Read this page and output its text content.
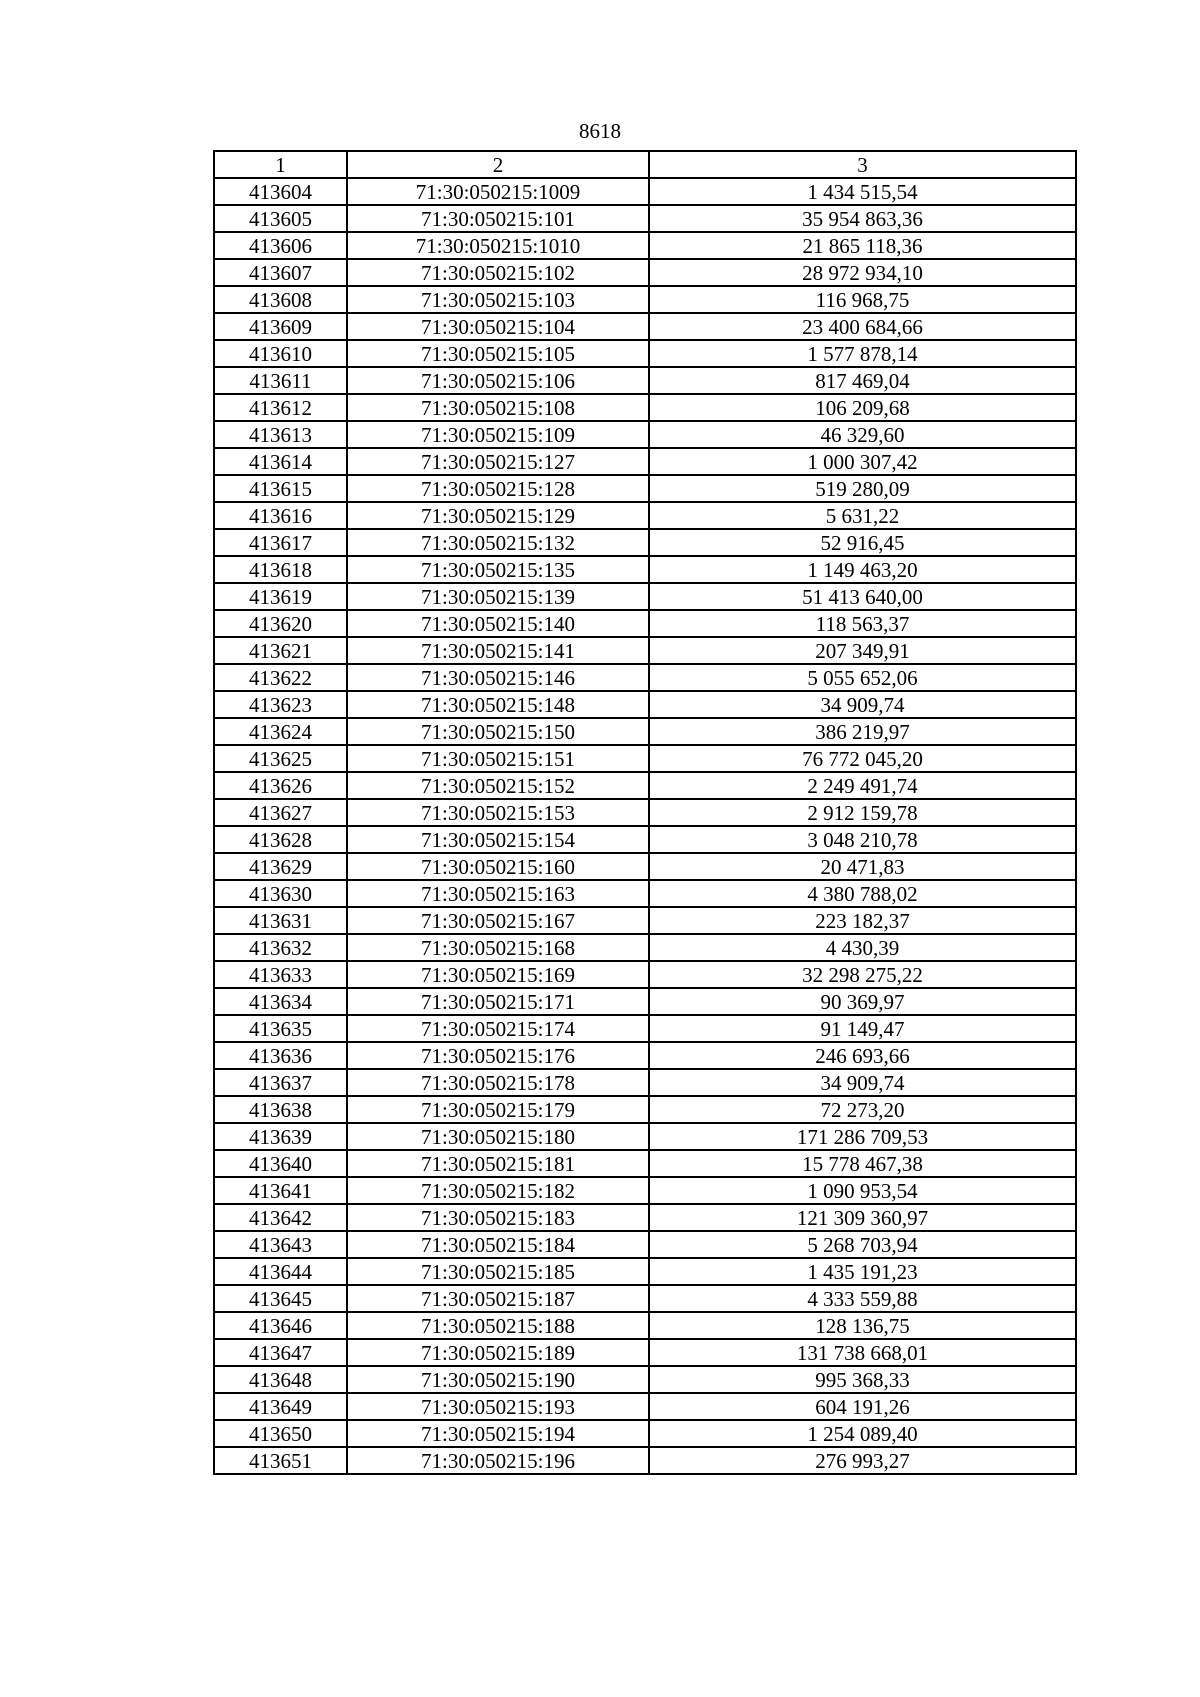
8618
1	2	3
413604	71:30:050215:1009	1 434 515,54
413605	71:30:050215:101	35 954 863,36
413606	71:30:050215:1010	21 865 118,36
413607	71:30:050215:102	28 972 934,10
413608	71:30:050215:103	116 968,75
413609	71:30:050215:104	23 400 684,66
413610	71:30:050215:105	1 577 878,14
413611	71:30:050215:106	817 469,04
413612	71:30:050215:108	106 209,68
413613	71:30:050215:109	46 329,60
413614	71:30:050215:127	1 000 307,42
413615	71:30:050215:128	519 280,09
413616	71:30:050215:129	5 631,22
413617	71:30:050215:132	52 916,45
413618	71:30:050215:135	1 149 463,20
413619	71:30:050215:139	51 413 640,00
413620	71:30:050215:140	118 563,37
413621	71:30:050215:141	207 349,91
413622	71:30:050215:146	5 055 652,06
413623	71:30:050215:148	34 909,74
413624	71:30:050215:150	386 219,97
413625	71:30:050215:151	76 772 045,20
413626	71:30:050215:152	2 249 491,74
413627	71:30:050215:153	2 912 159,78
413628	71:30:050215:154	3 048 210,78
413629	71:30:050215:160	20 471,83
413630	71:30:050215:163	4 380 788,02
413631	71:30:050215:167	223 182,37
413632	71:30:050215:168	4 430,39
413633	71:30:050215:169	32 298 275,22
413634	71:30:050215:171	90 369,97
413635	71:30:050215:174	91 149,47
413636	71:30:050215:176	246 693,66
413637	71:30:050215:178	34 909,74
413638	71:30:050215:179	72 273,20
413639	71:30:050215:180	171 286 709,53
413640	71:30:050215:181	15 778 467,38
413641	71:30:050215:182	1 090 953,54
413642	71:30:050215:183	121 309 360,97
413643	71:30:050215:184	5 268 703,94
413644	71:30:050215:185	1 435 191,23
413645	71:30:050215:187	4 333 559,88
413646	71:30:050215:188	128 136,75
413647	71:30:050215:189	131 738 668,01
413648	71:30:050215:190	995 368,33
413649	71:30:050215:193	604 191,26
413650	71:30:050215:194	1 254 089,40
413651	71:30:050215:196	276 993,27
